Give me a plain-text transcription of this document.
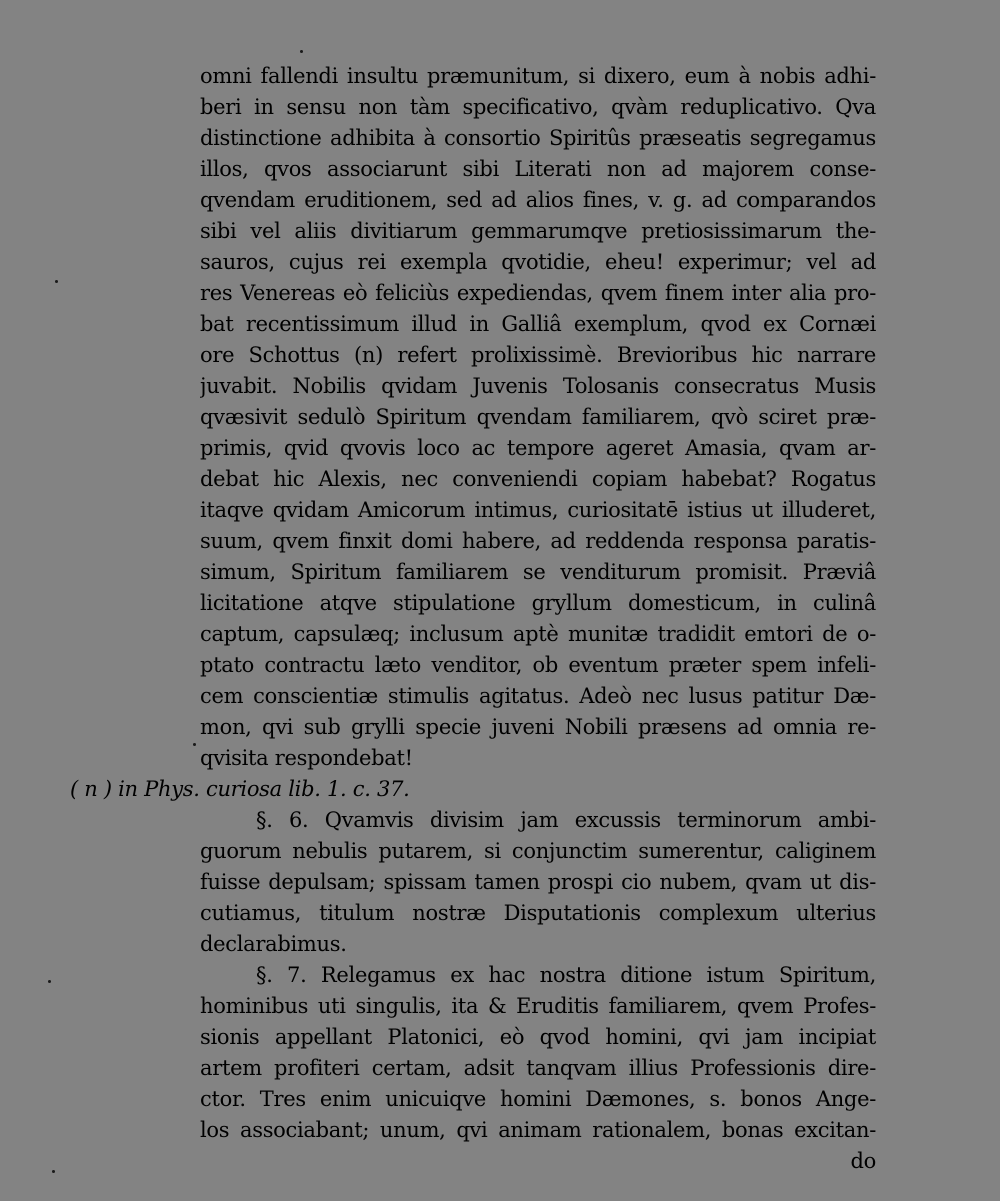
omni fallendi insultu præmunitum, si dixero, eum à nobis adhi-
beri in sensu non tàm specificativo, qvàm reduplicativo. Qva
distinctione adhibita à consortio Spiritûs præseatis segregamus
illos, qvos associarunt sibi Literati non ad majorem conse-
qvendam eruditionem, sed ad alios fines, v. g. ad comparandos
sibi vel aliis divitiarum gemmarumqve pretiosissimarum the-
sauros, cujus rei exempla qvotidie, eheu! experimur; vel ad
res Venereas eò feliciùs expediendas, qvem finem inter alia pro-
bat recentissimum illud in Galliâ exemplum, qvod ex Cornæi
ore Schottus (n) refert prolixissimè. Brevioribus hic narrare
juvabit. Nobilis qvidam Juvenis Tolosanis consecratus Musis
qvæsivit sedulò Spiritum qvendam familiarem, qvò sciret præ-
primis, qvid qvovis loco ac tempore ageret Amasia, qvam ar-
debat hic Alexis, nec conveniendi copiam habebat? Rogatus
itaqve qvidam Amicorum intimus, curiositatē istius ut illuderet,
suum, qvem finxit domi habere, ad reddenda responsa paratis-
simum, Spiritum familiarem se venditurum promisit. Præviâ
licitatione atqve stipulatione gryllum domesticum, in culinâ
captum, capsulæq; inclusum aptè munitæ tradidit emtori de o-
ptato contractu læto venditor, ob eventum præter spem infeli-
cem conscientiæ stimulis agitatus. Adeò nec lusus patitur Dæ-
mon, qvi sub grylli specie juveni Nobili præsens ad omnia re-
qvisita respondebat!
( n ) in Phys. curiosa lib. 1. c. 37.
§. 6. Qvamvis divisim jam excussis terminorum ambi-
guorum nebulis putarem, si conjunctim sumerentur, caliginem
fuisse depulsam; spissam tamen prospi cio nubem, qvam ut dis-
cutiamus, titulum nostræ Disputationis complexum ulterius
declarabimus.
§. 7. Relegamus ex hac nostra ditione istum Spiritum,
hominibus uti singulis, ita & Eruditis familiarem, qvem Profes-
sionis appellant Platonici, eò qvod homini, qvi jam incipiat
artem profiteri certam, adsit tanqvam illius Professionis dire-
ctor. Tres enim unicuiqve homini Dæmones, s. bonos Ange-
los associabant; unum, qvi animam rationalem, bonas excitan-
do
